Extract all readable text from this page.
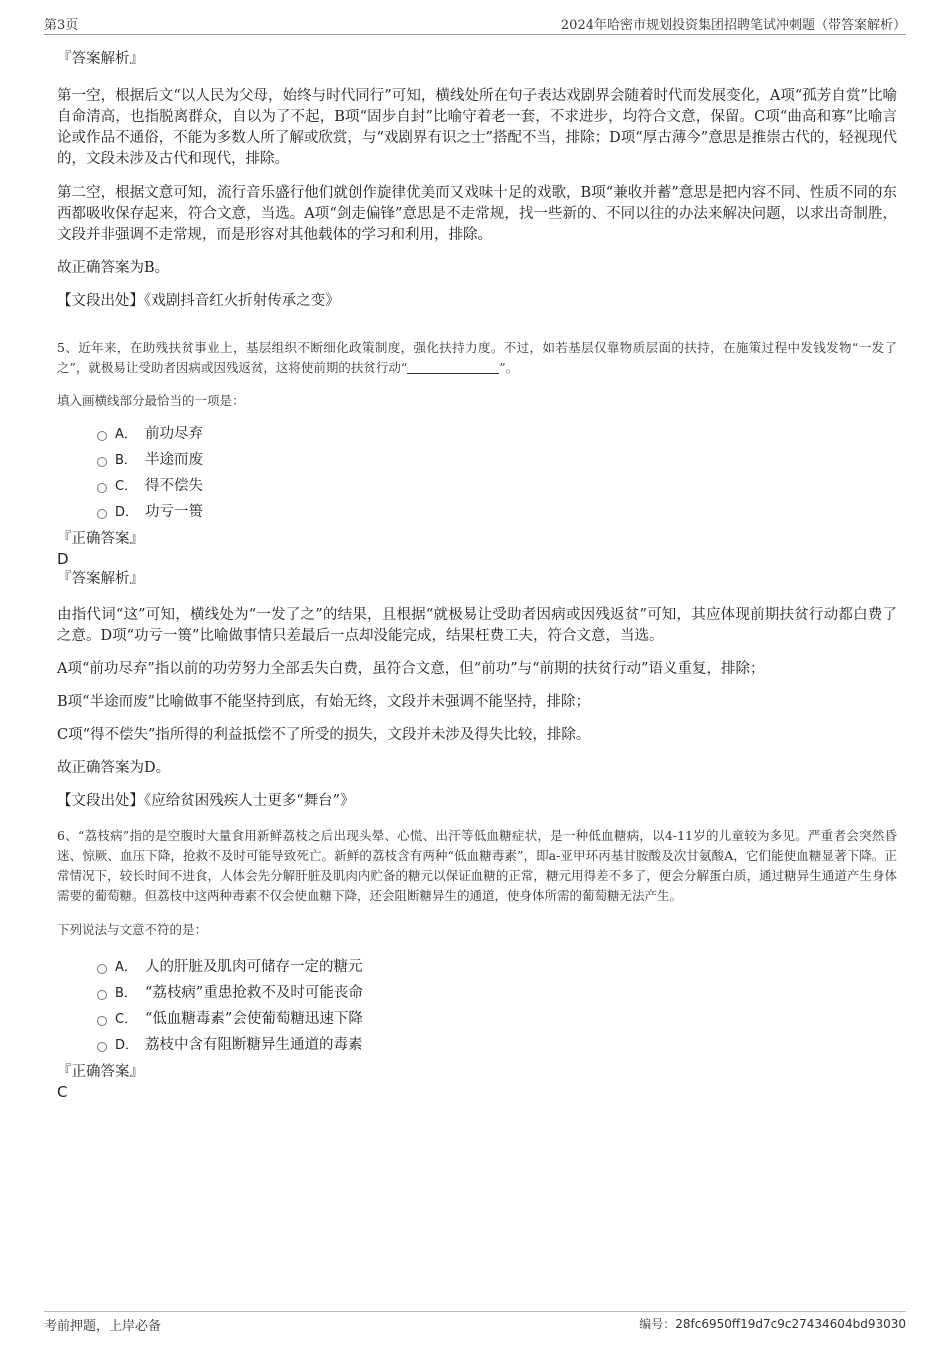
第3页	2024年哈密市规划投资集团招聘笔试冲刺题（带答案解析）

『答案解析』

第一空，根据后文“以人民为父母，始终与时代同行”可知，横线处所在句子表达戏剧界会随着时代而发展变化，A项“孤芳自赏”比喻自命清高，也指脱离群众，自以为了不起，B项“固步自封”比喻守着老一套，不求进步，均符合文意，保留。C项“曲高和寡”比喻言论或作品不通俗，不能为多数人所了解或欣赏，与“戏剧界有识之士”搭配不当，排除；D项“厚古薄今”意思是推崇古代的，轻视现代的，文段未涉及古代和现代，排除。

第二空，根据文意可知，流行音乐盛行他们就创作旋律优美而又戏味十足的戏歌，B项“兼收并蓄”意思是把内容不同、性质不同的东西都吸收保存起来，符合文意，当选。A项“剑走偏锋”意思是不走常规，找一些新的、不同以往的办法来解决问题，以求出奇制胜，文段并非强调不走常规，而是形容对其他载体的学习和利用，排除。

故正确答案为B。

【文段出处】《戏剧抖音红火折射传承之变》

5、近年来，在助残扶贫事业上，基层组织不断细化政策制度，强化扶持力度。不过，如若基层仅靠物质层面的扶持，在施策过程中发钱发物“一发了之”，就极易让受助者因病或因残返贫，这将使前期的扶贫行动“	”。

填入画横线部分最恰当的一项是：

A． 前功尽弃
B． 半途而废
C． 得不偿失
D． 功亏一篑

『正确答案』

D

『答案解析』

由指代词“这”可知，横线处为“一发了之”的结果，且根据“就极易让受助者因病或因残返贫”可知，其应体现前期扶贫行动都白费了之意。D项“功亏一篑”比喻做事情只差最后一点却没能完成，结果枉费工夫，符合文意，当选。

A项“前功尽弃”指以前的功劳努力全部丢失白费，虽符合文意，但“前功”与“前期的扶贫行动”语义重复，排除；

B项“半途而废”比喻做事不能坚持到底，有始无终，文段并未强调不能坚持，排除；

C项“得不偿失”指所得的利益抵偿不了所受的损失，文段并未涉及得失比较，排除。

故正确答案为D。

【文段出处】《应给贫困残疾人士更多“舞台”》

6、“荔枝病”指的是空腹时大量食用新鲜荔枝之后出现头晕、心慌、出汗等低血糖症状，是一种低血糖病，以4-11岁的儿童较为多见。严重者会突然昏迷、惊厥、血压下降，抢救不及时可能导致死亡。新鲜的荔枝含有两种“低血糖毒素”，即a-亚甲环丙基甘胺酸及次甘氨酸A，它们能使血糖显著下降。正常情况下，较长时间不进食，人体会先分解肝脏及肌肉内贮备的糖元以保证血糖的正常，糖元用得差不多了，便会分解蛋白质，通过糖异生通道产生身体需要的葡萄糖。但荔枝中这两种毒素不仅会使血糖下降，还会阻断糖异生的通道，使身体所需的葡萄糖无法产生。

下列说法与文意不符的是：

A． 人的肝脏及肌肉可储存一定的糖元
B． “荔枝病”重患抢救不及时可能丧命
C． “低血糖毒素”会使葡萄糖迅速下降
D． 荔枝中含有阻断糖异生通道的毒素

『正确答案』

C

考前押题，上岸必备	编号：28fc6950ff19d7c9c27434604bd93030
